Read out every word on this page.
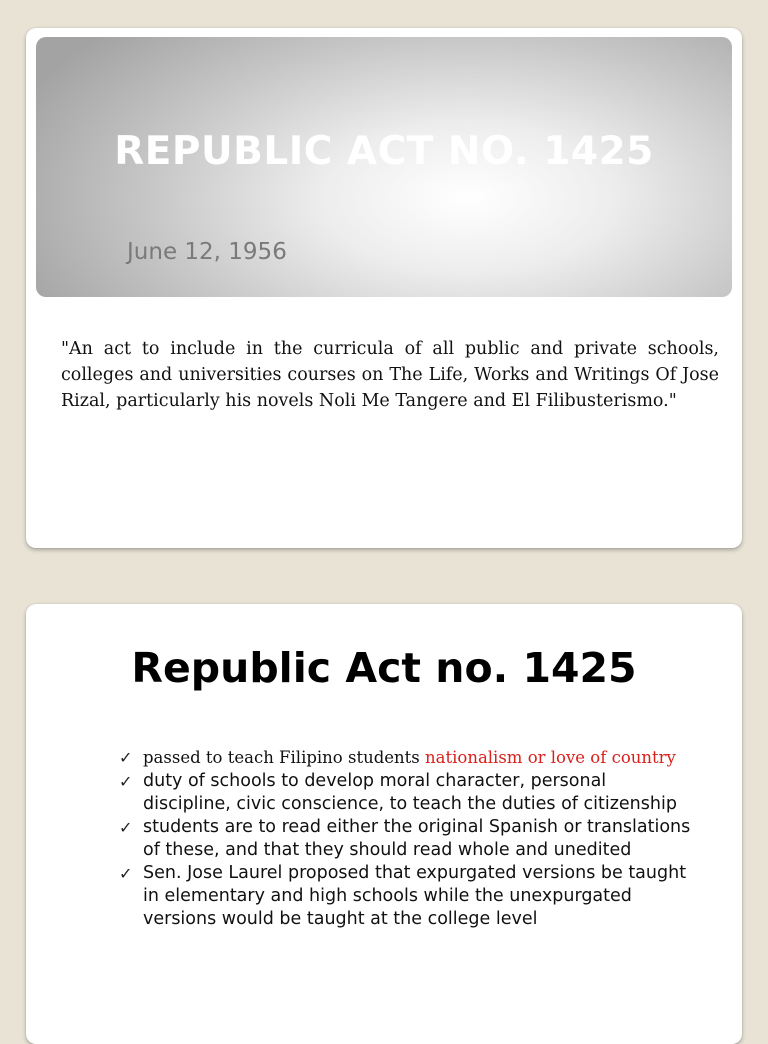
REPUBLIC ACT NO. 1425

June 12, 1956

"An act to include in the curricula of all public and private schools, colleges and universities courses on The Life, Works and Writings Of Jose Rizal, particularly his novels Noli Me Tangere and El Filibusterismo."

Republic Act no. 1425
✓ passed to teach Filipino students nationalism or love of country
✓ duty of schools to develop moral character, personal discipline, civic conscience, to teach the duties of citizenship
✓ students are to read either the original Spanish or translations of these, and that they should read whole and unedited
✓ Sen. Jose Laurel proposed that expurgated versions be taught in elementary and high schools while the unexpurgated versions would be taught at the college level
